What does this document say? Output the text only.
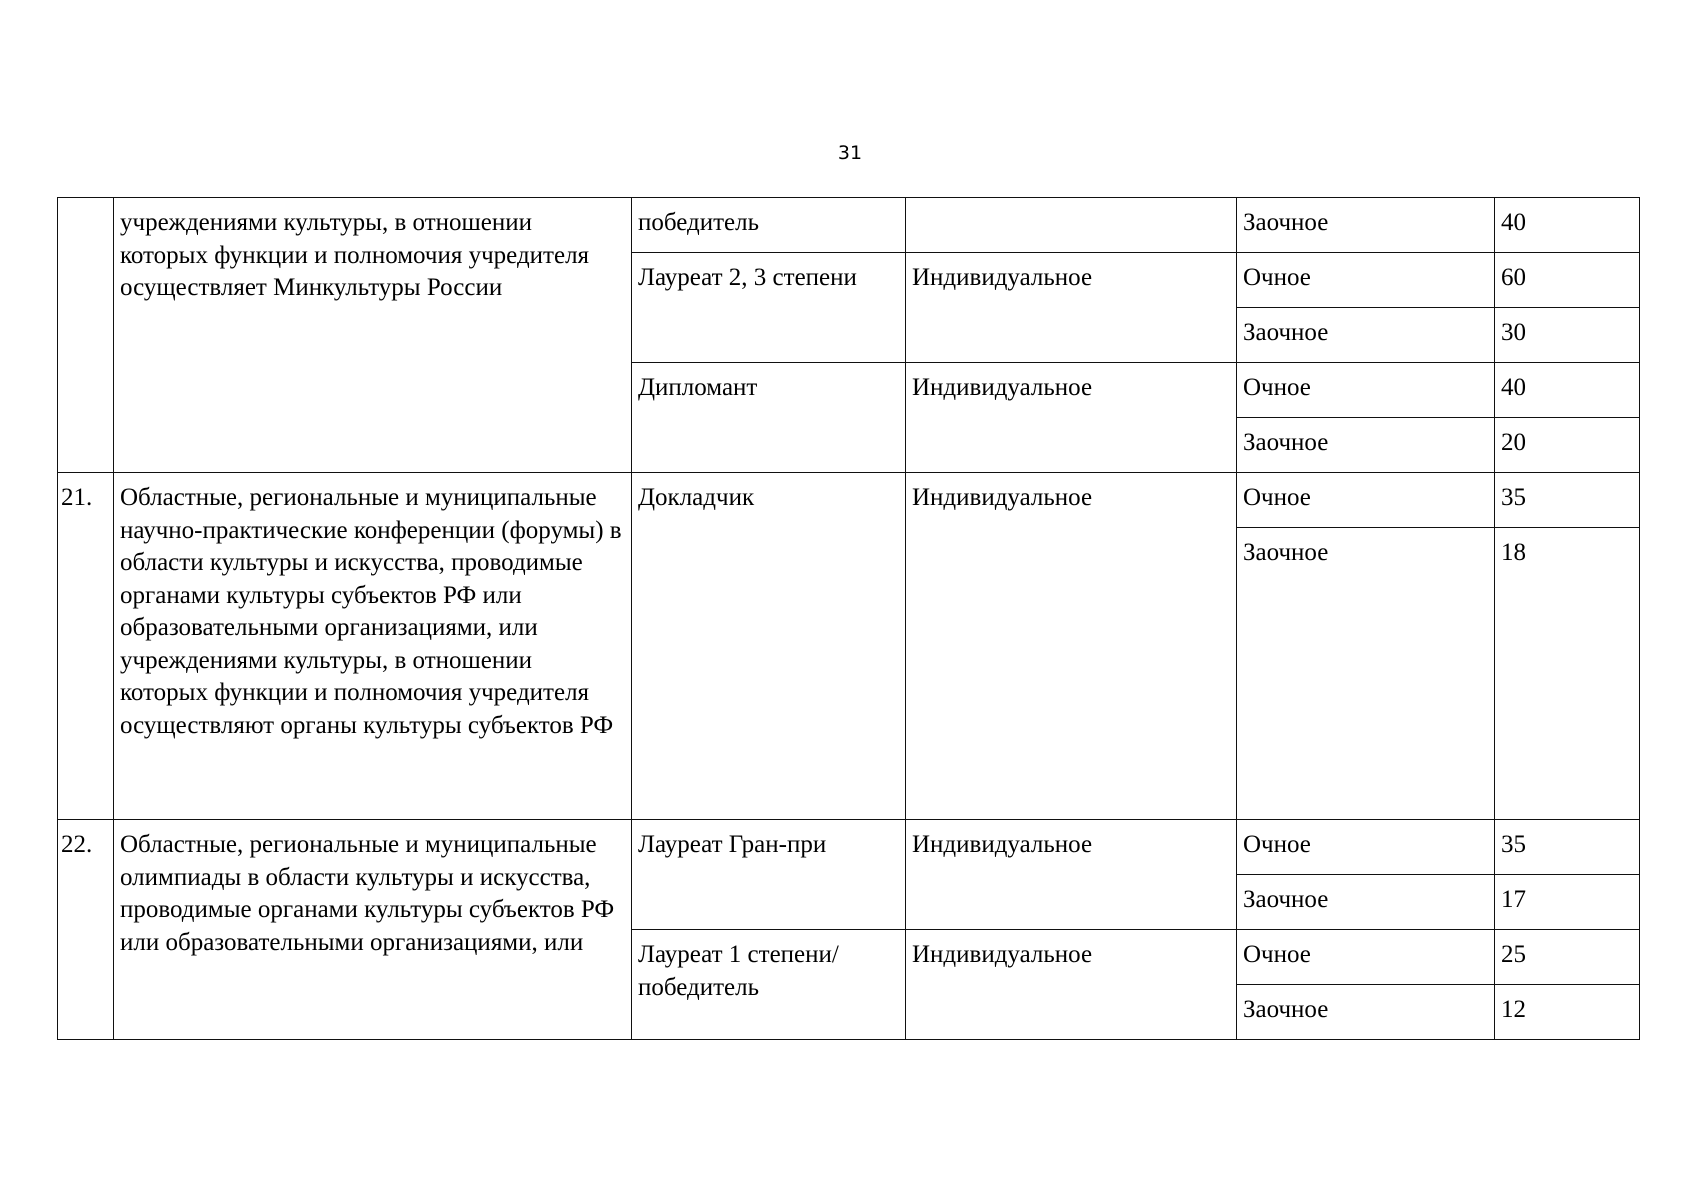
31
	учреждениями культуры, в отношении которых функции и полномочия учредителя осуществляет Минкультуры России	победитель		Заочное	40
		Лауреат 2, 3 степени	Индивидуальное	Очное	60
				Заочное	30
		Дипломант	Индивидуальное	Очное	40
				Заочное	20
21.	Областные, региональные и муниципальные научно-практические конференции (форумы) в области культуры и искусства, проводимые органами культуры субъектов РФ или образовательными организациями, или учреждениями культуры, в отношении которых функции и полномочия учредителя осуществляют органы культуры субъектов РФ	Докладчик	Индивидуальное	Очное	35
				Заочное	18
22.	Областные, региональные и муниципальные олимпиады в области культуры и искусства, проводимые органами культуры субъектов РФ или образовательными организациями, или	Лауреат Гран-при	Индивидуальное	Очное	35
				Заочное	17
		Лауреат 1 степени/ победитель	Индивидуальное	Очное	25
				Заочное	12
